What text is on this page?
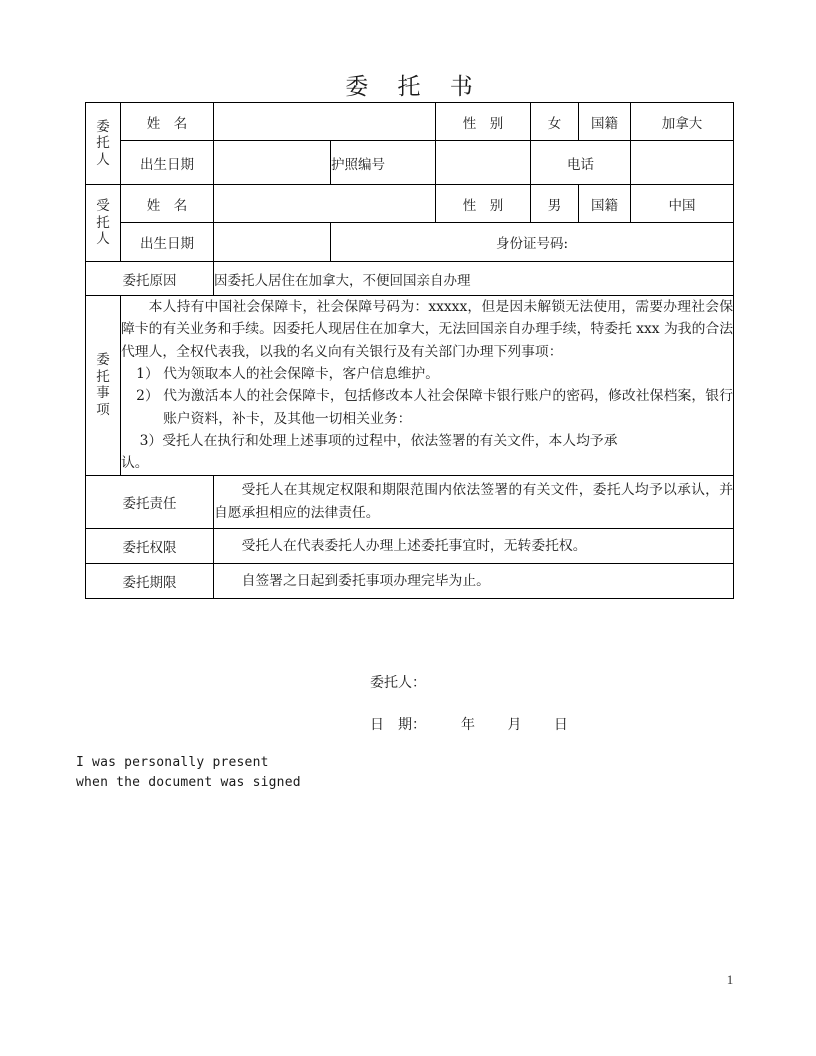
委 托 书
委
托
人	姓　名			性　别	女	国籍	加拿大
	出生日期		护照编号		电话		

受
托
人	姓　名			性　别	男	国籍	中国
	出生日期		身份证号码:				
委托原因		因委托人居住在加拿大，不便回国亲自办理					

委
托
事
项

本人持有中国社会保障卡，社会保障号码为：xxxxx，但是因未解锁无法使用，需要办理社会保障卡的有关业务和手续。因委托人现居住在加拿大，无法回国亲自办理手续，特委托 xxx 为我的合法代理人，全权代表我，以我的名义向有关银行及有关部门办理下列事项：

1） 代为领取本人的社会保障卡，客户信息维护。
2） 代为激活本人的社会保障卡，包括修改本人社会保障卡银行账户的密码，修改社保档案，银行账户资料，补卡，及其他一切相关业务：

3）受托人在执行和处理上述事项的过程中，依法签署的有关文件，本人均予承

认。

委托责任		受托人在其规定权限和期限范围内依法签署的有关文件，委托人均予以承认，并自愿承担相应的法律责任。					

委托权限		受托人在代表委托人办理上述委托事宜时，无转委托权。					

委托期限		自签署之日起到委托事项办理完毕为止。					

委托人：
日　期：　　　年　　 月　　 日
I was personally present
when the document was signed
1
